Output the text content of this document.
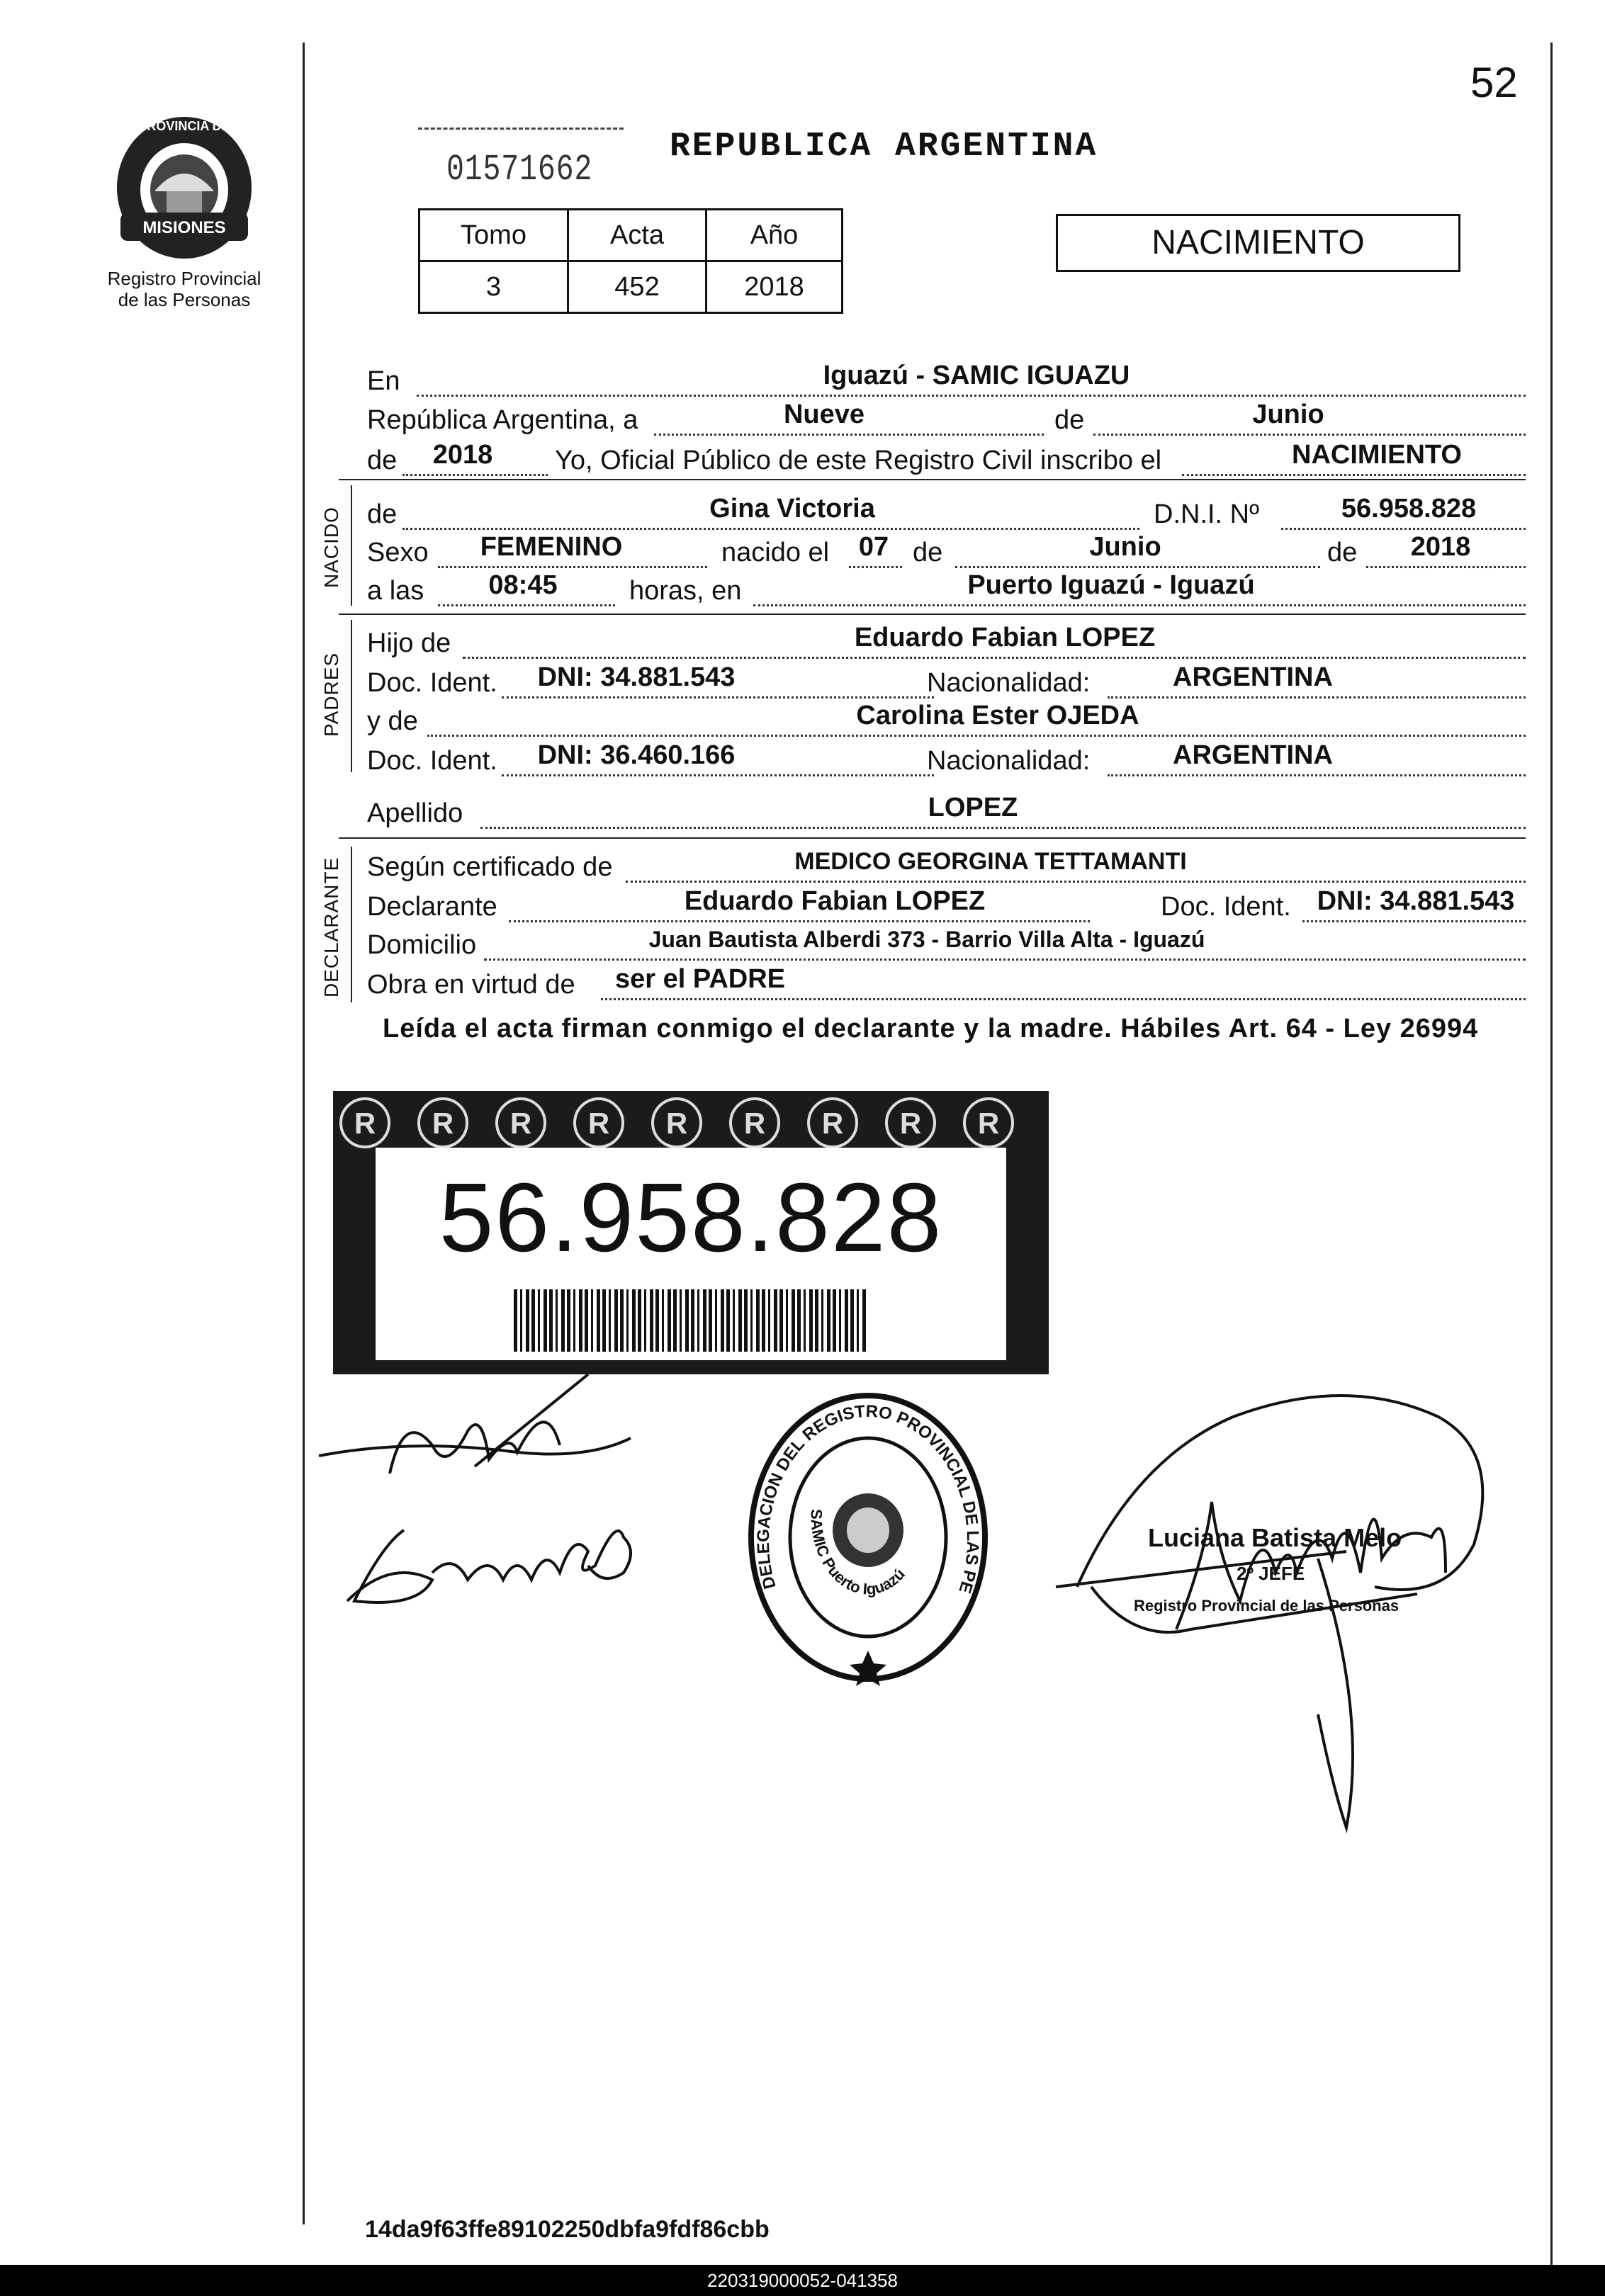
52
PROVINCIA DE
MISIONES
Registro Provincial
de las Personas
01571662
REPUBLICA ARGENTINA
Tomo	Acta	Año
3	452	2018
NACIMIENTO
En	Iguazú - SAMIC IGUAZU
República Argentina, a	Nueve	de	Junio
de	2018	Yo, Oficial Público de este Registro Civil inscribo el	NACIMIENTO
NACIDO de	Gina Victoria	D.N.I. Nº	56.958.828
Sexo	FEMENINO	nacido el	07 de	Junio	de	2018
a las	08:45	horas, en	Puerto Iguazú - Iguazú
PADRES
Hijo de	Eduardo Fabian LOPEZ
Doc. Ident.	DNI: 34.881.543	Nacionalidad:	ARGENTINA
y de	Carolina Ester OJEDA
Doc. Ident.	DNI: 36.460.166	Nacionalidad:	ARGENTINA
Apellido	LOPEZ
DECLARANTE Según certificado de	MEDICO GEORGINA TETTAMANTI
Declarante	Eduardo Fabian LOPEZ	Doc. Ident. DNI: 34.881.543
Domicilio	Juan Bautista Alberdi 373 - Barrio Villa Alta - Iguazú
Obra en virtud de ser el PADRE
Leída el acta firman conmigo el declarante y la madre. Hábiles Art. 64 - Ley 26994
R R R R R R R R R
56.958.828
DELEGACION DEL REGISTRO PROVINCIAL DE LAS PE
SAMIC Puerto Iguazú
Luciana Batista Melo
2º JEFE
Registro Provincial de las Personas
14da9f63ffe89102250dbfa9fdf86cbb
220319000052-041358
